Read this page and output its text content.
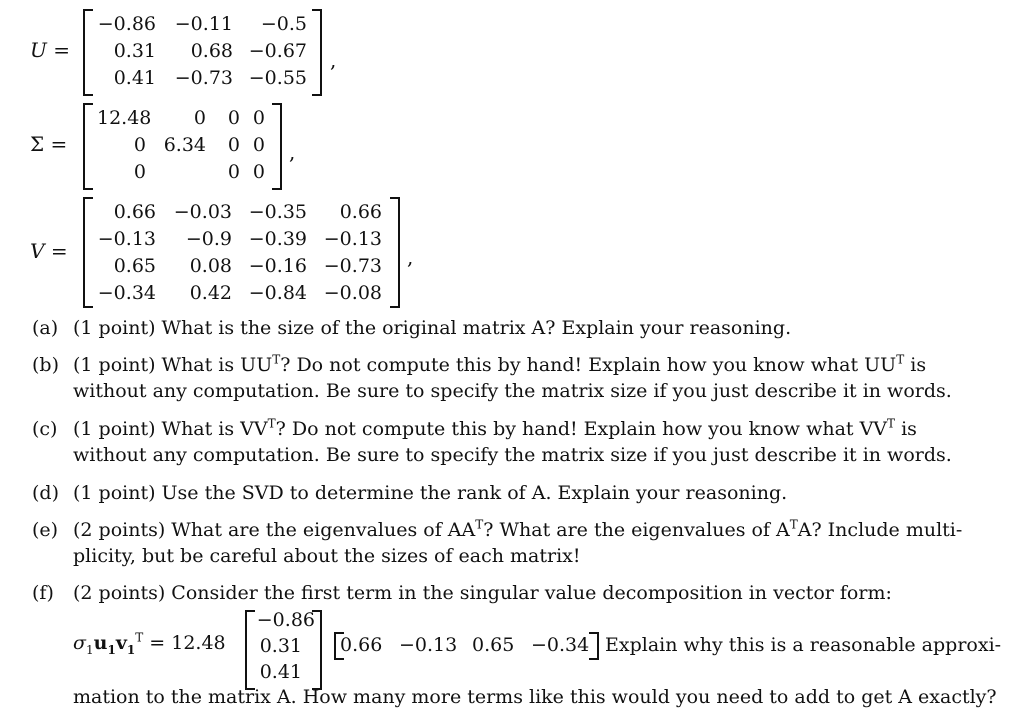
U =
−0.86 −0.11 −0.5
0.31 0.68 −0.67
0.41 −0.73 −0.55
,
Σ =
12.48 0 0 0
0 6.34 0 0
0	0 0
,
V =
0.66 −0.03 −0.35 0.66
−0.13 −0.9 −0.39 −0.13
0.65 0.08 −0.16 −0.73
−0.34 0.42 −0.84 −0.08
,
(a) (1 point) What is the size of the original matrix A? Explain your reasoning.
(b) (1 point) What is $UU^T$? Do not compute this by hand! Explain how you know what $UU^T$ is
without any computation. Be sure to specify the matrix size if you just describe it in words.
(c) (1 point) What is $VV^T$? Do not compute this by hand! Explain how you know what $VV^T$ is
without any computation. Be sure to specify the matrix size if you just describe it in words.
(d) (1 point) Use the SVD to determine the rank of A. Explain your reasoning.
(e) (2 points) What are the eigenvalues of $AA^T$? What are the eigenvalues of $A^TA$? Include multi-
plicity, but be careful about the sizes of each matrix!
(f) (2 points) Consider the first term in the singular value decomposition in vector form:
$\sigma_1u_1v_1^T = 12.48$
−0.86
0.31
0.41
0.66 −0.13 0.65 −0.34 Explain why this is a reasonable approxi-
mation to the matrix A. How many more terms like this would you need to add to get A exactly?
